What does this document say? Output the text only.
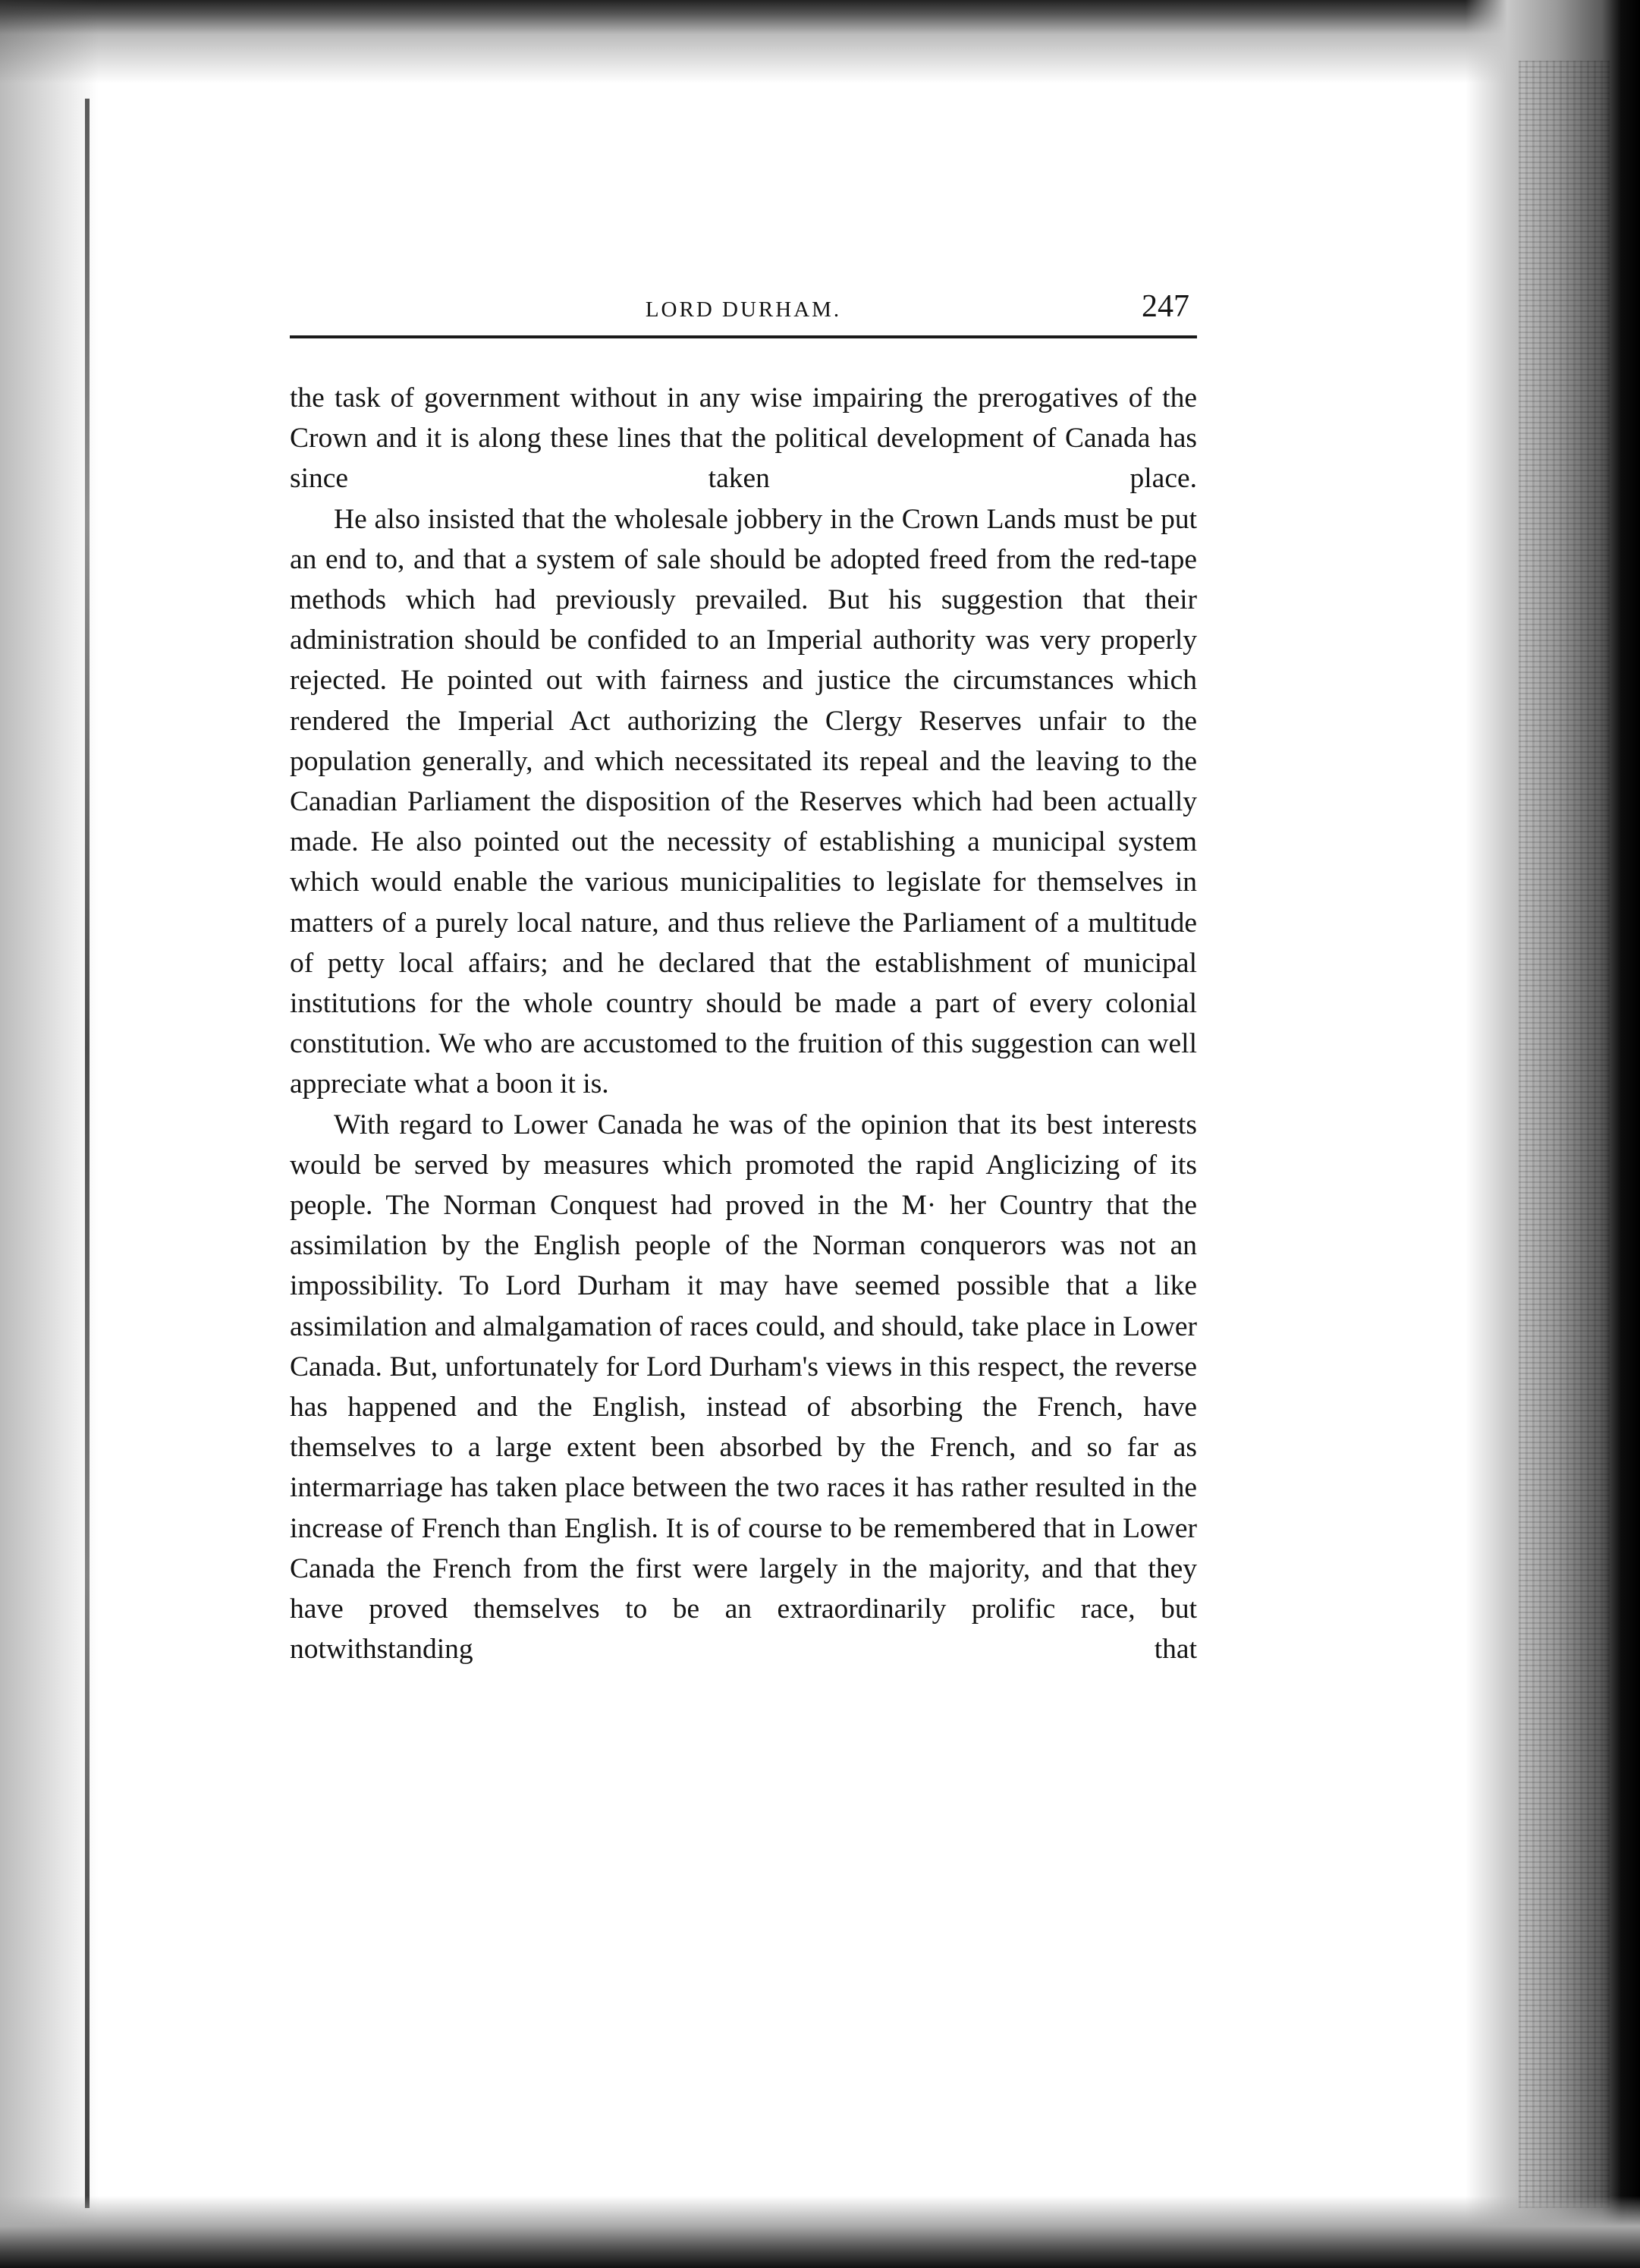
LORD DURHAM.	247

the task of government without in any wise impairing the prerogatives of the Crown and it is along these lines that the political development of Canada has since taken place.

He also insisted that the wholesale jobbery in the Crown Lands must be put an end to, and that a system of sale should be adopted freed from the red-tape methods which had previously prevailed. But his suggestion that their administration should be confided to an Imperial authority was very properly rejected. He pointed out with fairness and justice the circumstances which rendered the Imperial Act authorizing the Clergy Reserves unfair to the population generally, and which necessitated its repeal and the leaving to the Canadian Parliament the disposition of the Reserves which had been actually made. He also pointed out the necessity of establishing a municipal system which would enable the various municipalities to legislate for themselves in matters of a purely local nature, and thus relieve the Parliament of a multitude of petty local affairs; and he declared that the establishment of municipal institutions for the whole country should be made a part of every colonial constitution. We who are accustomed to the fruition of this suggestion can well appreciate what a boon it is.

With regard to Lower Canada he was of the opinion that its best interests would be served by measures which promoted the rapid Anglicizing of its people. The Norman Conquest had proved in the M· her Country that the assimilation by the English people of the Norman conquerors was not an impossibility. To Lord Durham it may have seemed possible that a like assimilation and almalgamation of races could, and should, take place in Lower Canada. But, unfortunately for Lord Durham's views in this respect, the reverse has happened and the English, instead of absorbing the French, have themselves to a large extent been absorbed by the French, and so far as intermarriage has taken place between the two races it has rather resulted in the increase of French than English. It is of course to be remembered that in Lower Canada the French from the first were largely in the majority, and that they have proved themselves to be an extraordinarily prolific race, but notwithstanding that
